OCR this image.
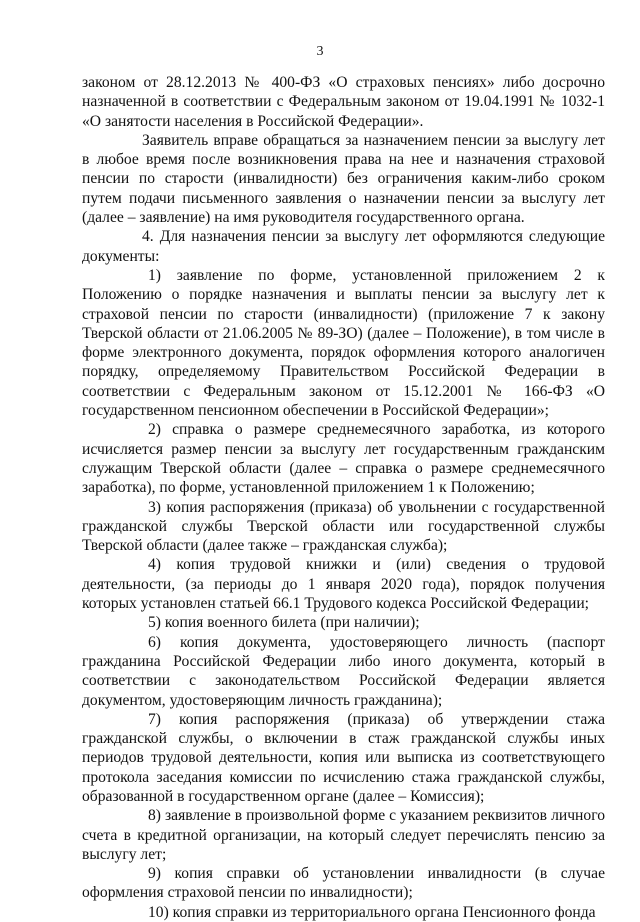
3

законом от 28.12.2013 № 400-ФЗ «О страховых пенсиях» либо досрочно назначенной в соответствии с Федеральным законом от 19.04.1991 № 1032-1 «О занятости населения в Российской Федерации».

Заявитель вправе обращаться за назначением пенсии за выслугу лет в любое время после возникновения права на нее и назначения страховой пенсии по старости (инвалидности) без ограничения каким-либо сроком путем подачи письменного заявления о назначении пенсии за выслугу лет (далее – заявление) на имя руководителя государственного органа.

4. Для назначения пенсии за выслугу лет оформляются следующие документы:

1) заявление по форме, установленной приложением 2 к Положению о порядке назначения и выплаты пенсии за выслугу лет к страховой пенсии по старости (инвалидности) (приложение 7 к закону Тверской области от 21.06.2005 № 89-ЗО) (далее – Положение), в том числе в форме электронного документа, порядок оформления которого аналогичен порядку, определяемому Правительством Российской Федерации в соответствии с Федеральным законом от 15.12.2001 № 166-ФЗ «О государственном пенсионном обеспечении в Российской Федерации»;

2) справка о размере среднемесячного заработка, из которого исчисляется размер пенсии за выслугу лет государственным гражданским служащим Тверской области (далее – справка о размере среднемесячного заработка), по форме, установленной приложением 1 к Положению;

3) копия распоряжения (приказа) об увольнении с государственной гражданской службы Тверской области или государственной службы Тверской области (далее также – гражданская служба);

4) копия трудовой книжки и (или) сведения о трудовой деятельности, (за периоды до 1 января 2020 года), порядок получения которых установлен статьей 66.1 Трудового кодекса Российской Федерации;

5) копия военного билета (при наличии);

6) копия документа, удостоверяющего личность (паспорт гражданина Российской Федерации либо иного документа, который в соответствии с законодательством Российской Федерации является документом, удостоверяющим личность гражданина);

7) копия распоряжения (приказа) об утверждении стажа гражданской службы, о включении в стаж гражданской службы иных периодов трудовой деятельности, копия или выписка из соответствующего протокола заседания комиссии по исчислению стажа гражданской службы, образованной в государственном органе (далее – Комиссия);

8) заявление в произвольной форме с указанием реквизитов личного счета в кредитной организации, на который следует перечислять пенсию за выслугу лет;

9) копия справки об установлении инвалидности (в случае оформления страховой пенсии по инвалидности);

10) копия справки из территориального органа Пенсионного фонда
